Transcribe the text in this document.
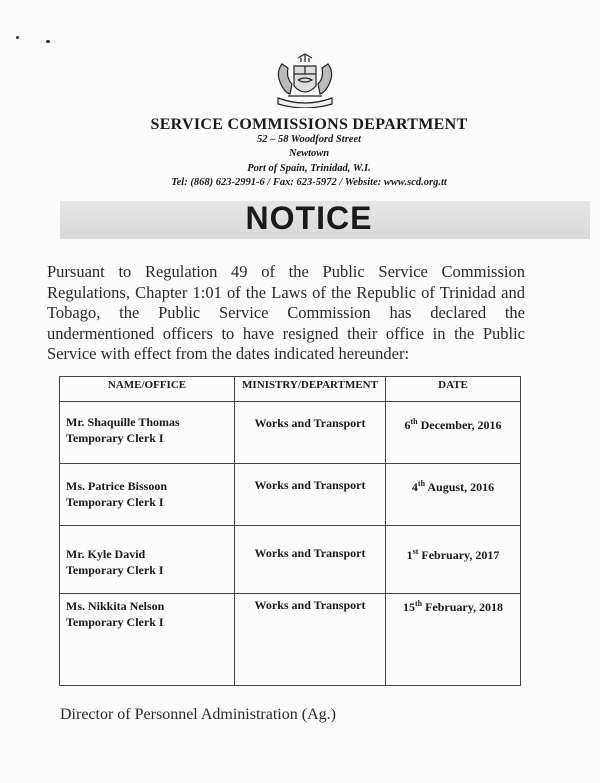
SERVICE COMMISSIONS DEPARTMENT
52 – 58 Woodford Street
Newtown
Port of Spain, Trinidad, W.I.
Tel: (868) 623-2991-6 / Fax: 623-5972 / Website: www.scd.org.tt
NOTICE
Pursuant to Regulation 49 of the Public Service Commission Regulations, Chapter 1:01 of the Laws of the Republic of Trinidad and Tobago, the Public Service Commission has declared the undermentioned officers to have resigned their office in the Public Service with effect from the dates indicated hereunder:
NAME/OFFICE	MINISTRY/DEPARTMENT	DATE

Mr. Shaquille Thomas
Temporary Clerk I	Works and Transport	6th December, 2016

Ms. Patrice Bissoon
Temporary Clerk I	Works and Transport	4th August, 2016

Mr. Kyle David
Temporary Clerk I	Works and Transport	1st February, 2017

Ms. Nikkita Nelson
Temporary Clerk I	Works and Transport	15th February, 2018
Director of Personnel Administration (Ag.)
